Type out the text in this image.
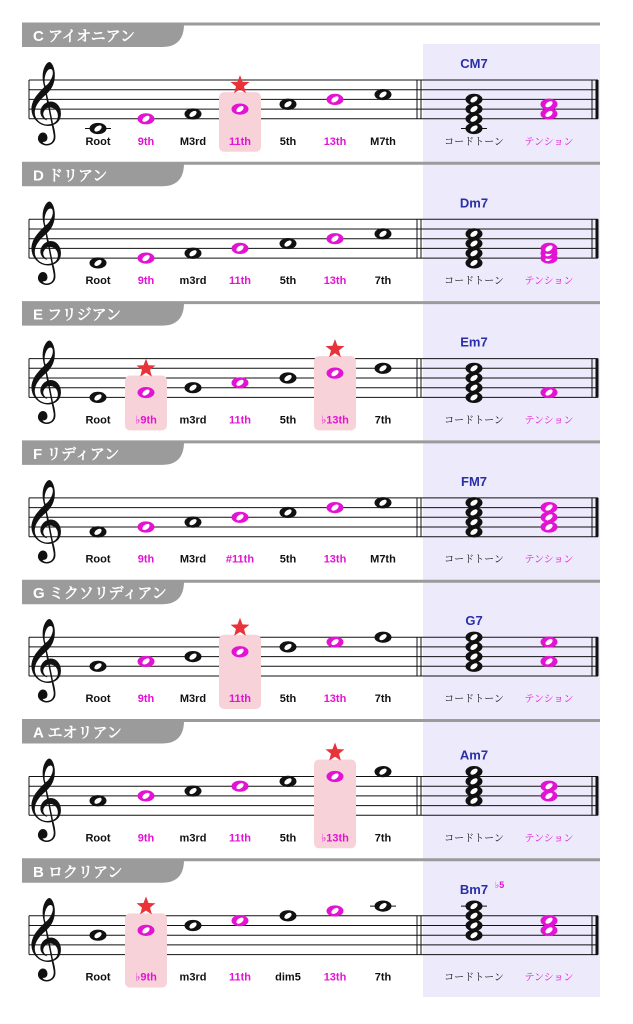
C アイオニアン
𝄞 Root 9th M3rd 11th	5th 13th M7th
CM7
コードトーン テンション
D ドリアン
𝄞 Root 9th m3rd 11th	5th 13th	7th
Dm7
コードトーン テンション
E フリジアン
𝄞 Root ♭9th m3rd 11th	5th ♭13th 7th
Em7
コードトーン テンション
F リディアン
𝄞 Root 9th M3rd #11th 5th 13th M7th
FM7
コードトーン テンション
G ミクソリディアン
𝄞 Root 9th M3rd 11th	5th 13th	7th
G7
コードトーン テンション
A エオリアン
𝄞 Root 9th m3rd 11th	5th ♭13th 7th
Am7
コードトーン テンション
B ロクリアン
𝄞 Root ♭9th m3rd 11th dim5 13th	7th
Bm7 ♭5
コードトーン テンション
